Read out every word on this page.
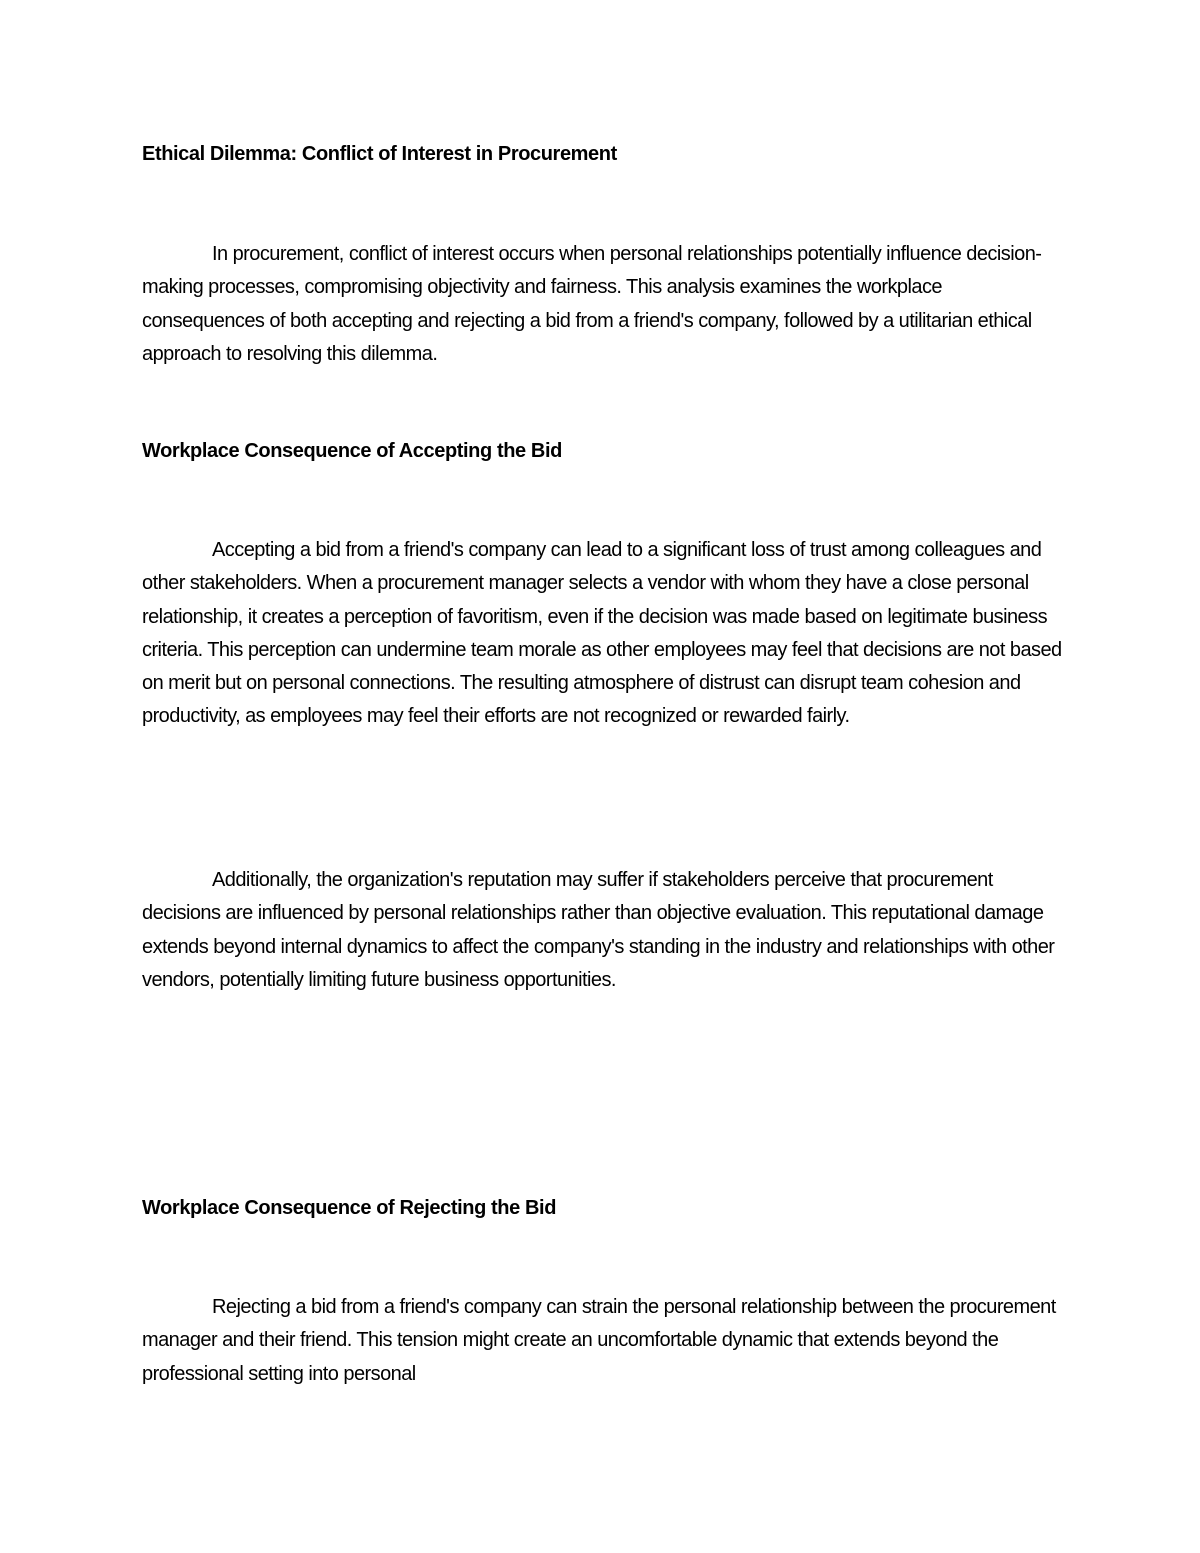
Ethical Dilemma: Conflict of Interest in Procurement

In procurement, conflict of interest occurs when personal relationships potentially influence decision-making processes, compromising objectivity and fairness. This analysis examines the workplace consequences of both accepting and rejecting a bid from a friend's company, followed by a utilitarian ethical approach to resolving this dilemma.

Workplace Consequence of Accepting the Bid

Accepting a bid from a friend's company can lead to a significant loss of trust among colleagues and other stakeholders. When a procurement manager selects a vendor with whom they have a close personal relationship, it creates a perception of favoritism, even if the decision was made based on legitimate business criteria. This perception can undermine team morale as other employees may feel that decisions are not based on merit but on personal connections. The resulting atmosphere of distrust can disrupt team cohesion and productivity, as employees may feel their efforts are not recognized or rewarded fairly.

Additionally, the organization's reputation may suffer if stakeholders perceive that procurement decisions are influenced by personal relationships rather than objective evaluation. This reputational damage extends beyond internal dynamics to affect the company's standing in the industry and relationships with other vendors, potentially limiting future business opportunities.

Workplace Consequence of Rejecting the Bid

Rejecting a bid from a friend's company can strain the personal relationship between the procurement manager and their friend. This tension might create an uncomfortable dynamic that extends beyond the professional setting into personal
